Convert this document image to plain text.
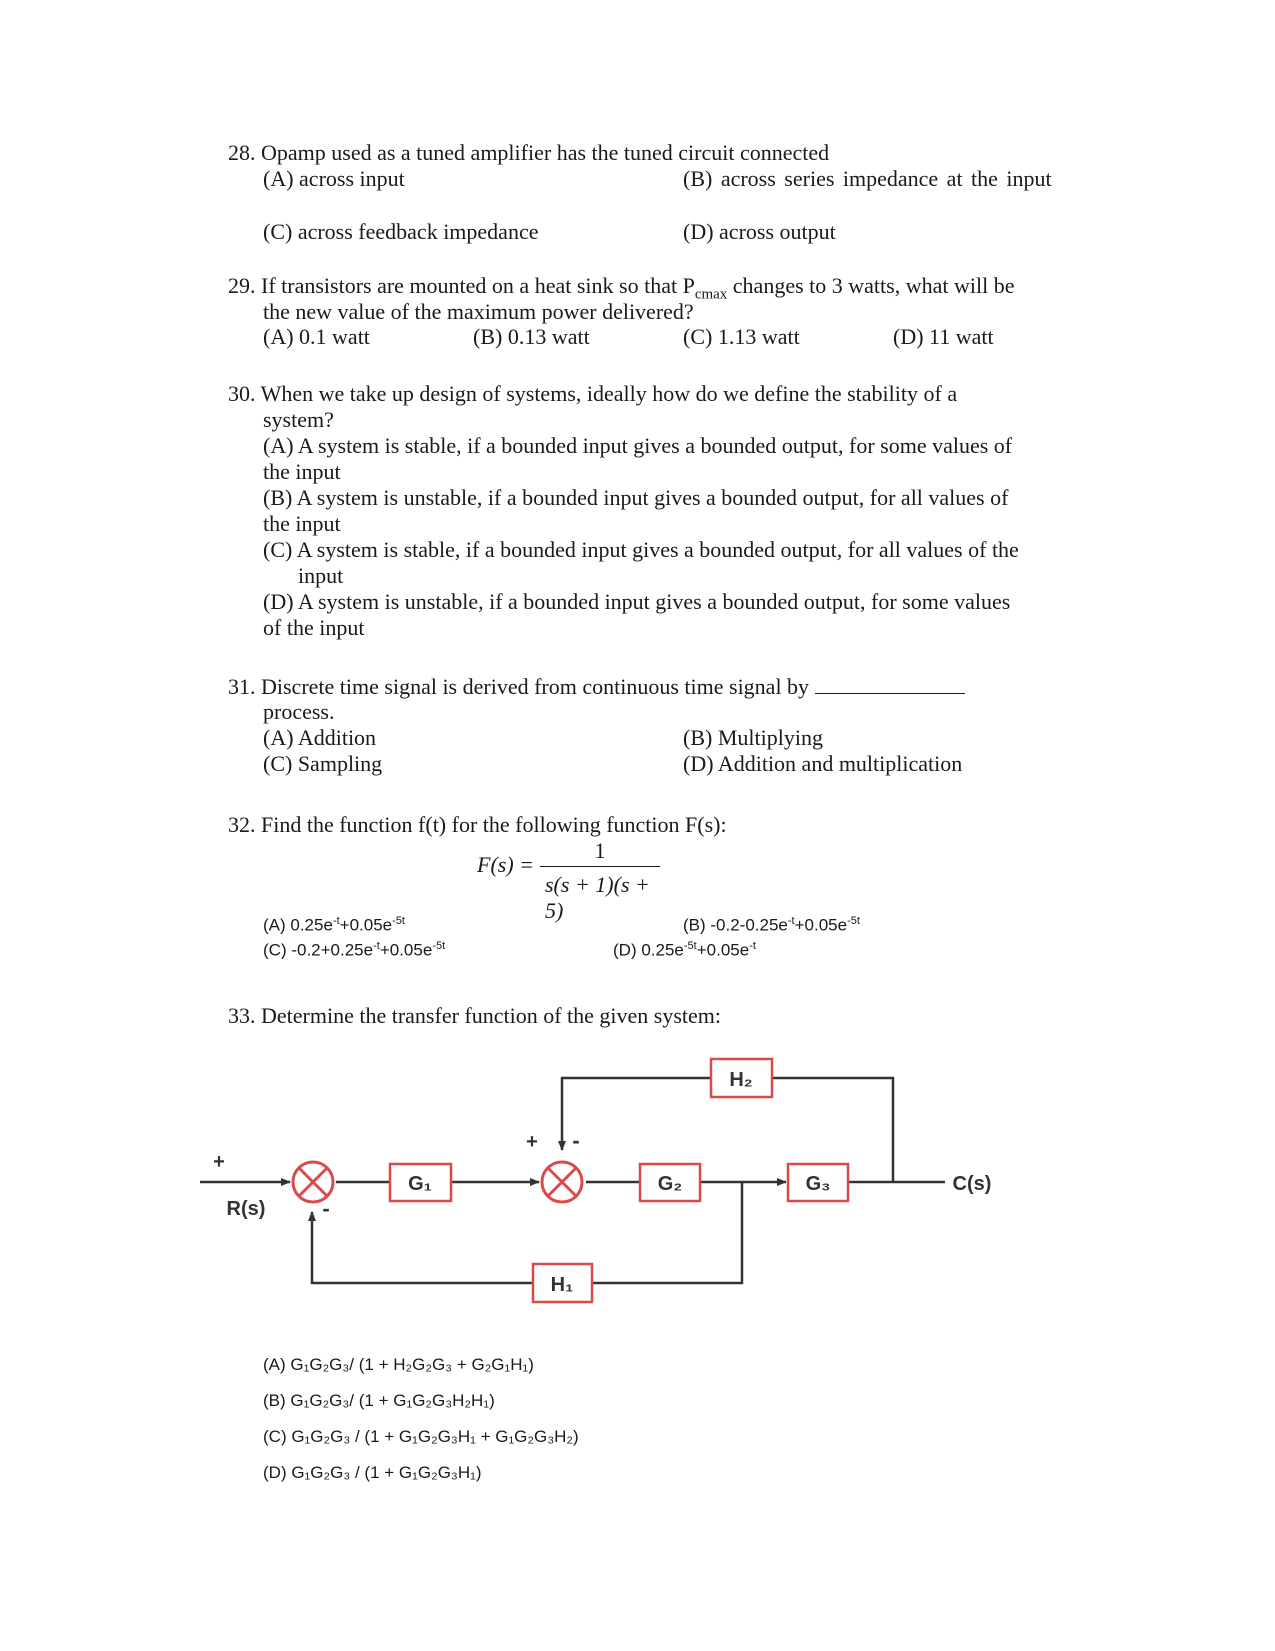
28. Opamp used as a tuned amplifier has the tuned circuit connected
(A) across input	(B) across series impedance at the input
(C) across feedback impedance	(D) across output
29. If transistors are mounted on a heat sink so that $P_{cmax}$ changes to 3 watts, what will be
the new value of the maximum power delivered?
(A) 0.1 watt	(B) 0.13 watt	(C) 1.13 watt	(D) 11 watt
30. When we take up design of systems, ideally how do we define the stability of a
system?
(A) A system is stable, if a bounded input gives a bounded output, for some values of
the input
(B) A system is unstable, if a bounded input gives a bounded output, for all values of
the input
(C) A system is stable, if a bounded input gives a bounded output, for all values of the
input
(D) A system is unstable, if a bounded input gives a bounded output, for some values
of the input
31. Discrete time signal is derived from continuous time signal by
process.
(A) Addition	(B) Multiplying
(C) Sampling	(D) Addition and multiplication
32. Find the function f(t) for the following function F(s):
F(s) =
1
s(s + 1)(s + 5)
(A) $0.25e^{-t}+0.05e^{-5t}$	(B) $-0.2-0.25e^{-t}+0.05e^{-5t}$
(C) $-0.2+0.25e^{-t}+0.05e^{-5t}$	(D) $0.25e^{-5t}+0.05e^{-t}$
33. Determine the transfer function of the given system:
G₁	G₂	G₃
H₂
H₁
+
R(s)	-
+ -
C(s)
(A) G₁G₂G₃/ (1 + H₂G₂G₃ + G₂G₁H₁)
(B) G₁G₂G₃/ (1 + G₁G₂G₃H₂H₁)
(C) G₁G₂G₃ / (1 + G₁G₂G₃H₁ + G₁G₂G₃H₂)
(D) G₁G₂G₃ / (1 + G₁G₂G₃H₁)
